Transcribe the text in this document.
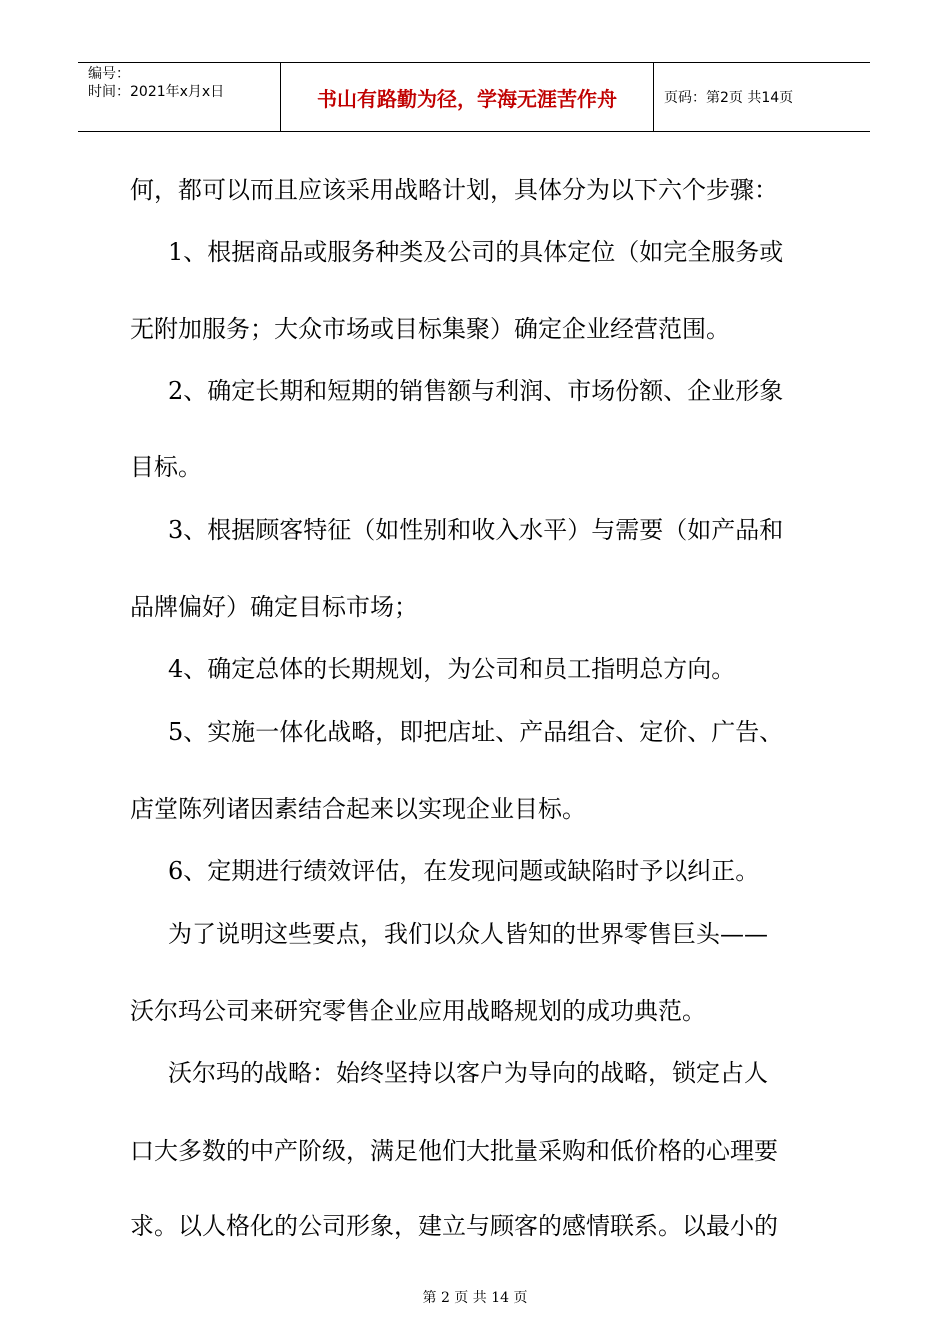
编号：
时间：2021年x月x日	书山有路勤为径，学海无涯苦作舟	页码：第2页 共14页
何，都可以而且应该采用战略计划，具体分为以下六个步骤：
1、根据商品或服务种类及公司的具体定位（如完全服务或
无附加服务；大众市场或目标集聚）确定企业经营范围。
2、确定长期和短期的销售额与利润、市场份额、企业形象
目标。
3、根据顾客特征（如性别和收入水平）与需要（如产品和
品牌偏好）确定目标市场；
4、确定总体的长期规划，为公司和员工指明总方向。
5、实施一体化战略，即把店址、产品组合、定价、广告、
店堂陈列诸因素结合起来以实现企业目标。
6、定期进行绩效评估，在发现问题或缺陷时予以纠正。
为了说明这些要点，我们以众人皆知的世界零售巨头——
沃尔玛公司来研究零售企业应用战略规划的成功典范。
沃尔玛的战略：始终坚持以客户为导向的战略，锁定占人
口大多数的中产阶级，满足他们大批量采购和低价格的心理要
求。以人格化的公司形象，建立与顾客的感情联系。以最小的
第 2 页 共 14 页
